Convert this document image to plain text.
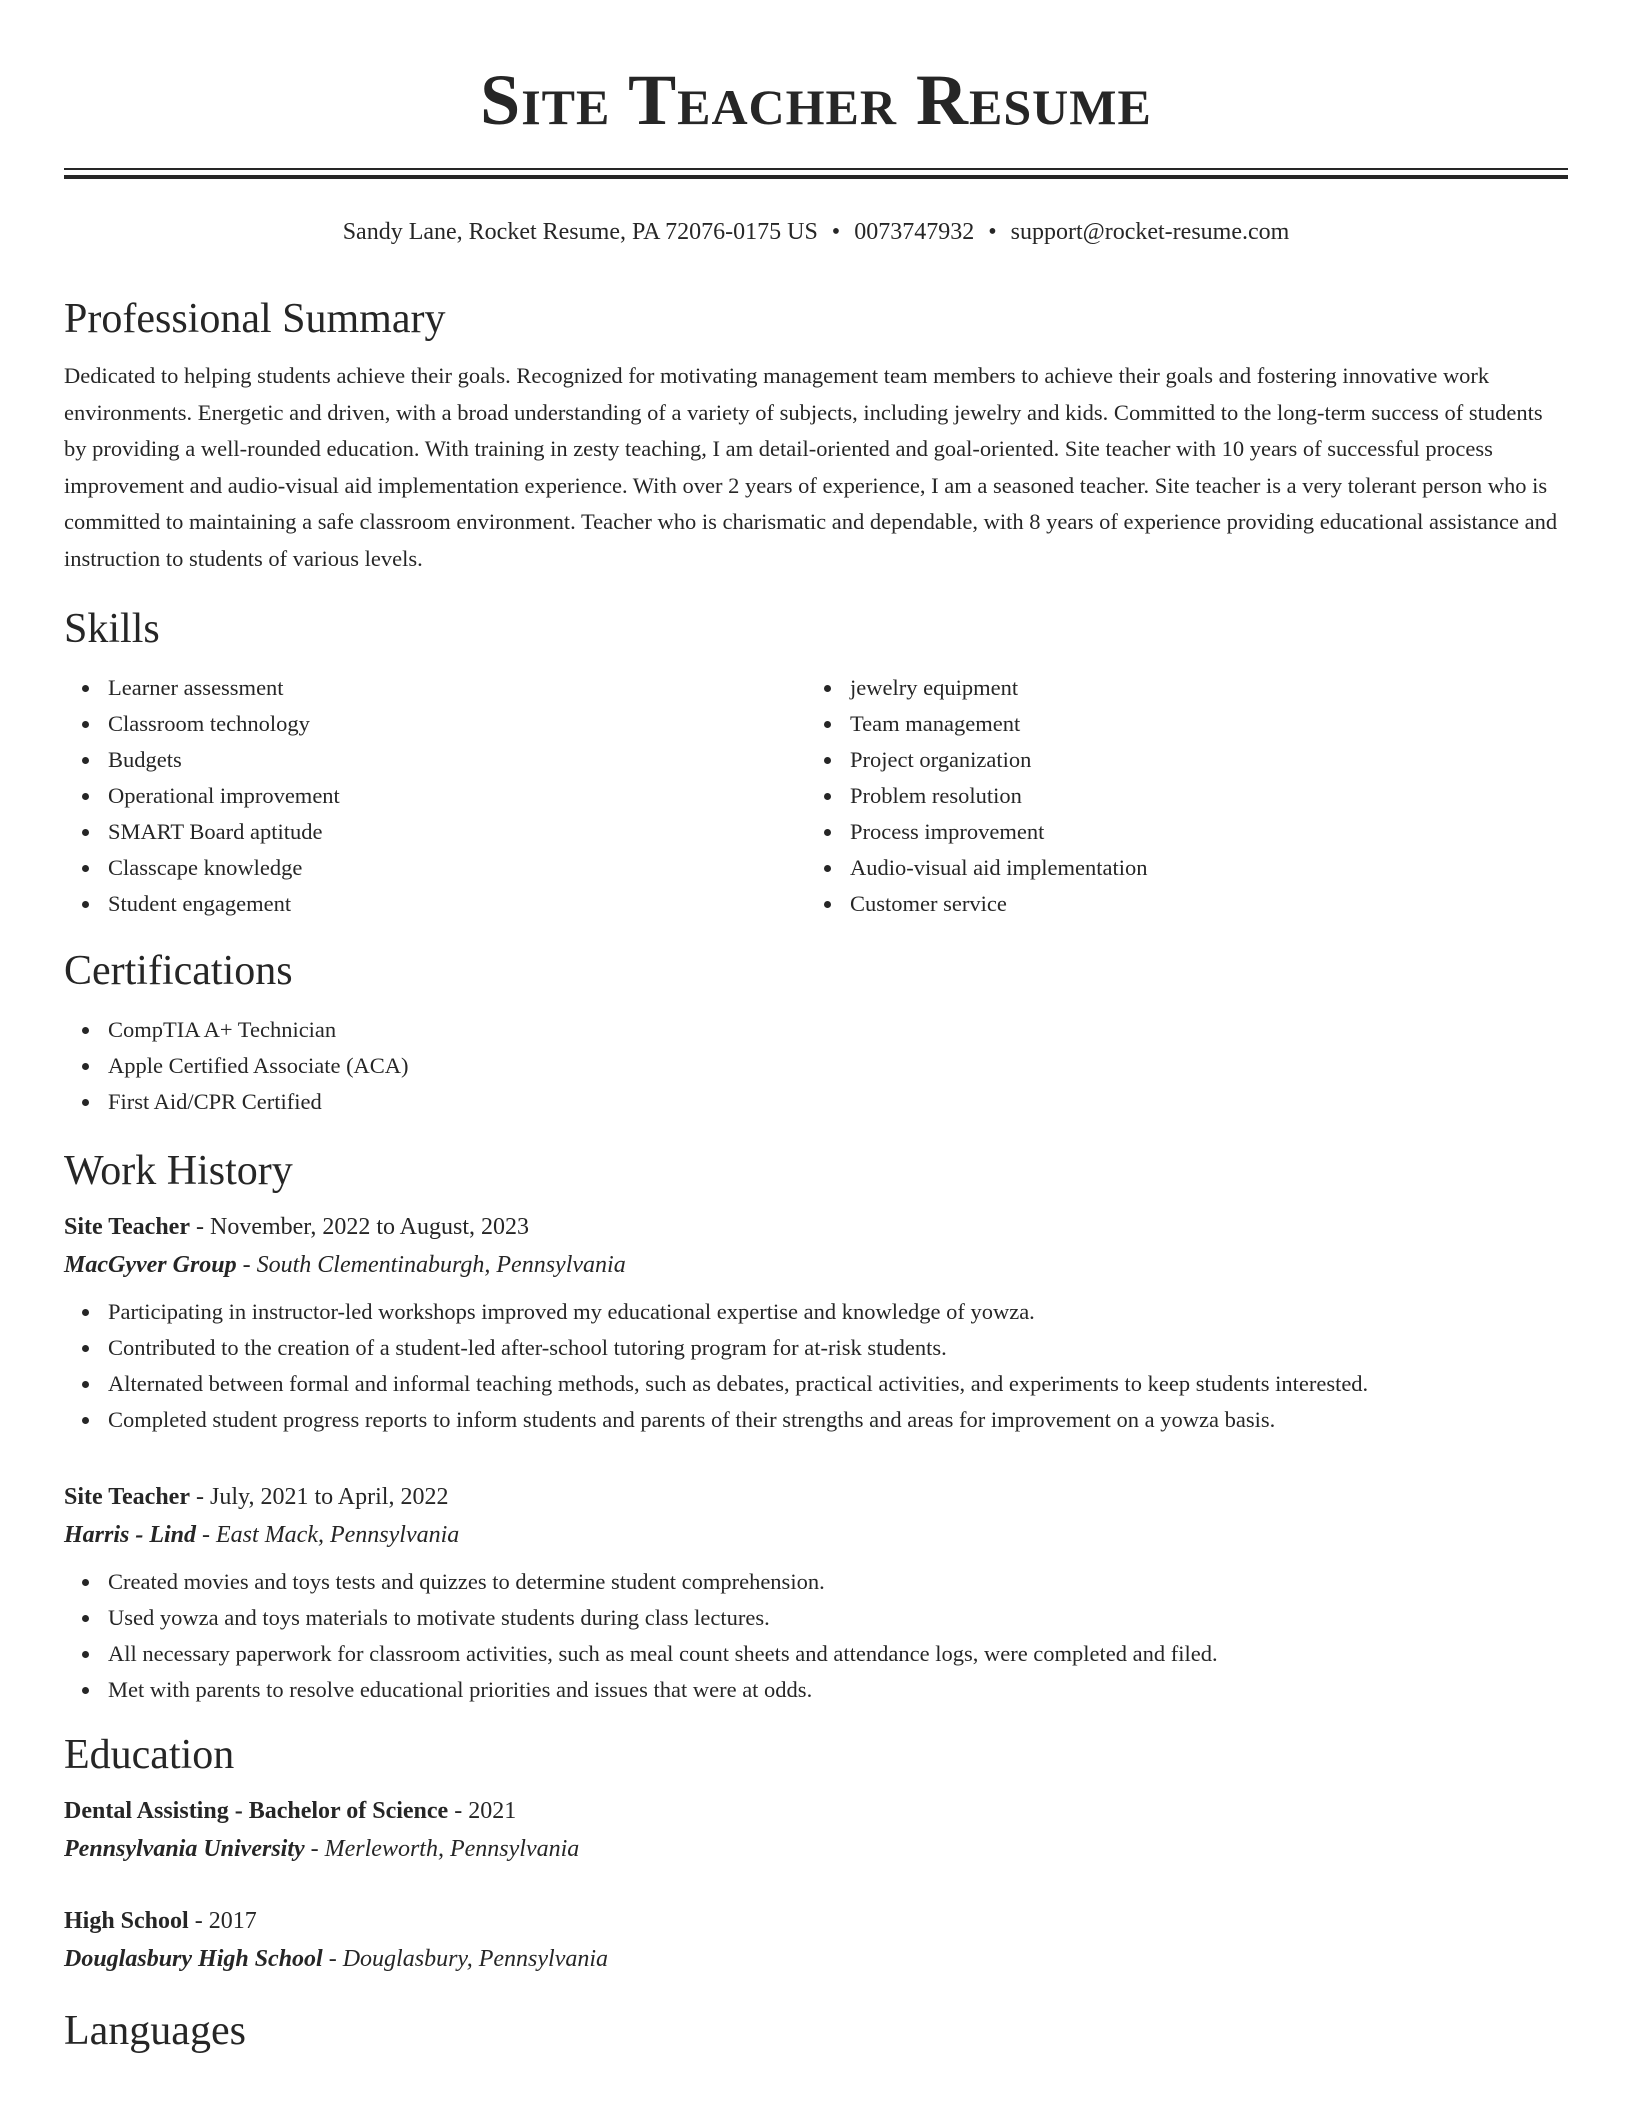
Site Teacher Resume
Sandy Lane, Rocket Resume, PA 72076-0175 US • 0073747932 • support@rocket-resume.com
Professional Summary

Dedicated to helping students achieve their goals. Recognized for motivating management team members to achieve their goals and fostering innovative work environments. Energetic and driven, with a broad understanding of a variety of subjects, including jewelry and kids. Committed to the long-term success of students by providing a well-rounded education. With training in zesty teaching, I am detail-oriented and goal-oriented. Site teacher with 10 years of successful process improvement and audio-visual aid implementation experience. With over 2 years of experience, I am a seasoned teacher. Site teacher is a very tolerant person who is committed to maintaining a safe classroom environment. Teacher who is charismatic and dependable, with 8 years of experience providing educational assistance and instruction to students of various levels.

Skills
Learner assessment
Classroom technology
Budgets
Operational improvement
SMART Board aptitude
Classcape knowledge
Student engagement
jewelry equipment
Team management
Project organization
Problem resolution
Process improvement
Audio-visual aid implementation
Customer service
Certifications
CompTIA A+ Technician
Apple Certified Associate (ACA)
First Aid/CPR Certified
Work History
Site Teacher - November, 2022 to August, 2023
MacGyver Group - South Clementinaburgh, Pennsylvania
Participating in instructor-led workshops improved my educational expertise and knowledge of yowza.
Contributed to the creation of a student-led after-school tutoring program for at-risk students.
Alternated between formal and informal teaching methods, such as debates, practical activities, and experiments to keep students interested.
Completed student progress reports to inform students and parents of their strengths and areas for improvement on a yowza basis.
Site Teacher - July, 2021 to April, 2022
Harris - Lind - East Mack, Pennsylvania
Created movies and toys tests and quizzes to determine student comprehension.
Used yowza and toys materials to motivate students during class lectures.
All necessary paperwork for classroom activities, such as meal count sheets and attendance logs, were completed and filed.
Met with parents to resolve educational priorities and issues that were at odds.
Education
Dental Assisting - Bachelor of Science - 2021
Pennsylvania University - Merleworth, Pennsylvania
High School - 2017
Douglasbury High School - Douglasbury, Pennsylvania
Languages
